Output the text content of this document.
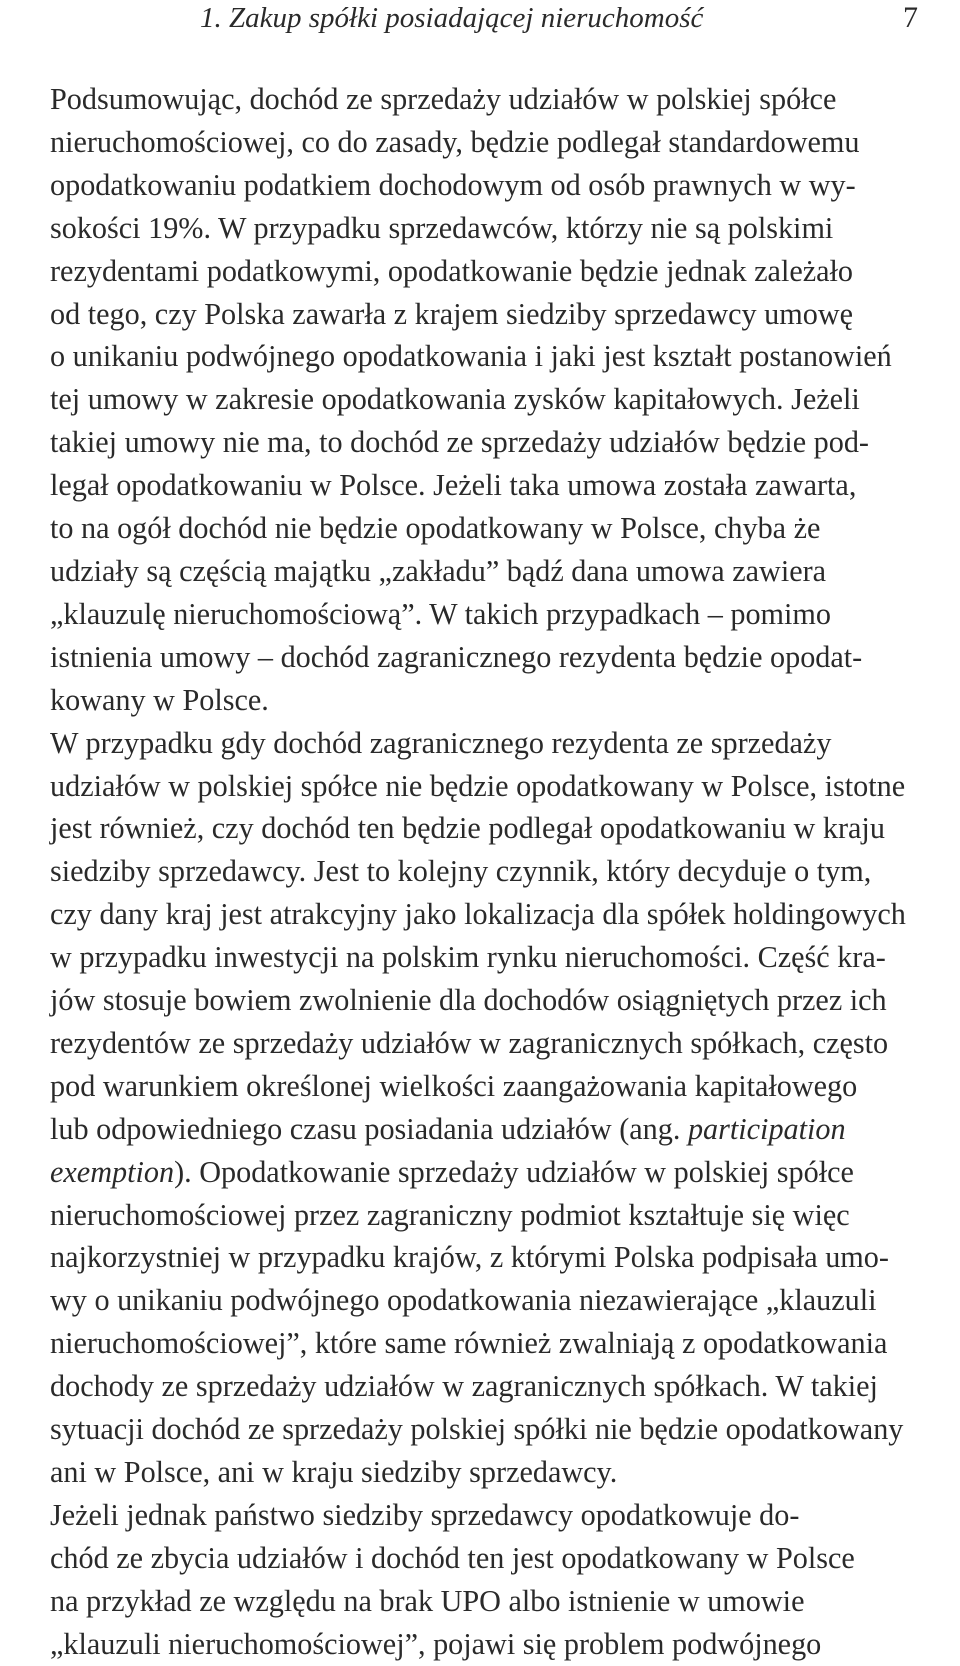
1. Zakup spółki posiadającej nieruchomość	7

Podsumowując, dochód ze sprzedaży udziałów w polskiej spółce
nieruchomościowej, co do zasady, będzie podlegał standardowemu
opodatkowaniu podatkiem dochodowym od osób prawnych w wy-
sokości 19%. W przypadku sprzedawców, którzy nie są polskimi
rezydentami podatkowymi, opodatkowanie będzie jednak zależało
od tego, czy Polska zawarła z krajem siedziby sprzedawcy umowę
o unikaniu podwójnego opodatkowania i jaki jest kształt postanowień
tej umowy w zakresie opodatkowania zysków kapitałowych. Jeżeli
takiej umowy nie ma, to dochód ze sprzedaży udziałów będzie pod-
legał opodatkowaniu w Polsce. Jeżeli taka umowa została zawarta,
to na ogół dochód nie będzie opodatkowany w Polsce, chyba że
udziały są częścią majątku „zakładu” bądź dana umowa zawiera
„klauzulę nieruchomościową”. W takich przypadkach – pomimo
istnienia umowy – dochód zagranicznego rezydenta będzie opodat-
kowany w Polsce.

W przypadku gdy dochód zagranicznego rezydenta ze sprzedaży
udziałów w polskiej spółce nie będzie opodatkowany w Polsce, istotne
jest również, czy dochód ten będzie podlegał opodatkowaniu w kraju
siedziby sprzedawcy. Jest to kolejny czynnik, który decyduje o tym,
czy dany kraj jest atrakcyjny jako lokalizacja dla spółek holdingowych
w przypadku inwestycji na polskim rynku nieruchomości. Część kra-
jów stosuje bowiem zwolnienie dla dochodów osiągniętych przez ich
rezydentów ze sprzedaży udziałów w zagranicznych spółkach, często
pod warunkiem określonej wielkości zaangażowania kapitałowego
lub odpowiedniego czasu posiadania udziałów (ang. participation
exemption). Opodatkowanie sprzedaży udziałów w polskiej spółce
nieruchomościowej przez zagraniczny podmiot kształtuje się więc
najkorzystniej w przypadku krajów, z którymi Polska podpisała umo-
wy o unikaniu podwójnego opodatkowania niezawierające „klauzuli
nieruchomościowej”, które same również zwalniają z opodatkowania
dochody ze sprzedaży udziałów w zagranicznych spółkach. W takiej
sytuacji dochód ze sprzedaży polskiej spółki nie będzie opodatkowany
ani w Polsce, ani w kraju siedziby sprzedawcy.

Jeżeli jednak państwo siedziby sprzedawcy opodatkowuje do-
chód ze zbycia udziałów i dochód ten jest opodatkowany w Polsce
na przykład ze względu na brak UPO albo istnienie w umowie
„klauzuli nieruchomościowej”, pojawi się problem podwójnego
